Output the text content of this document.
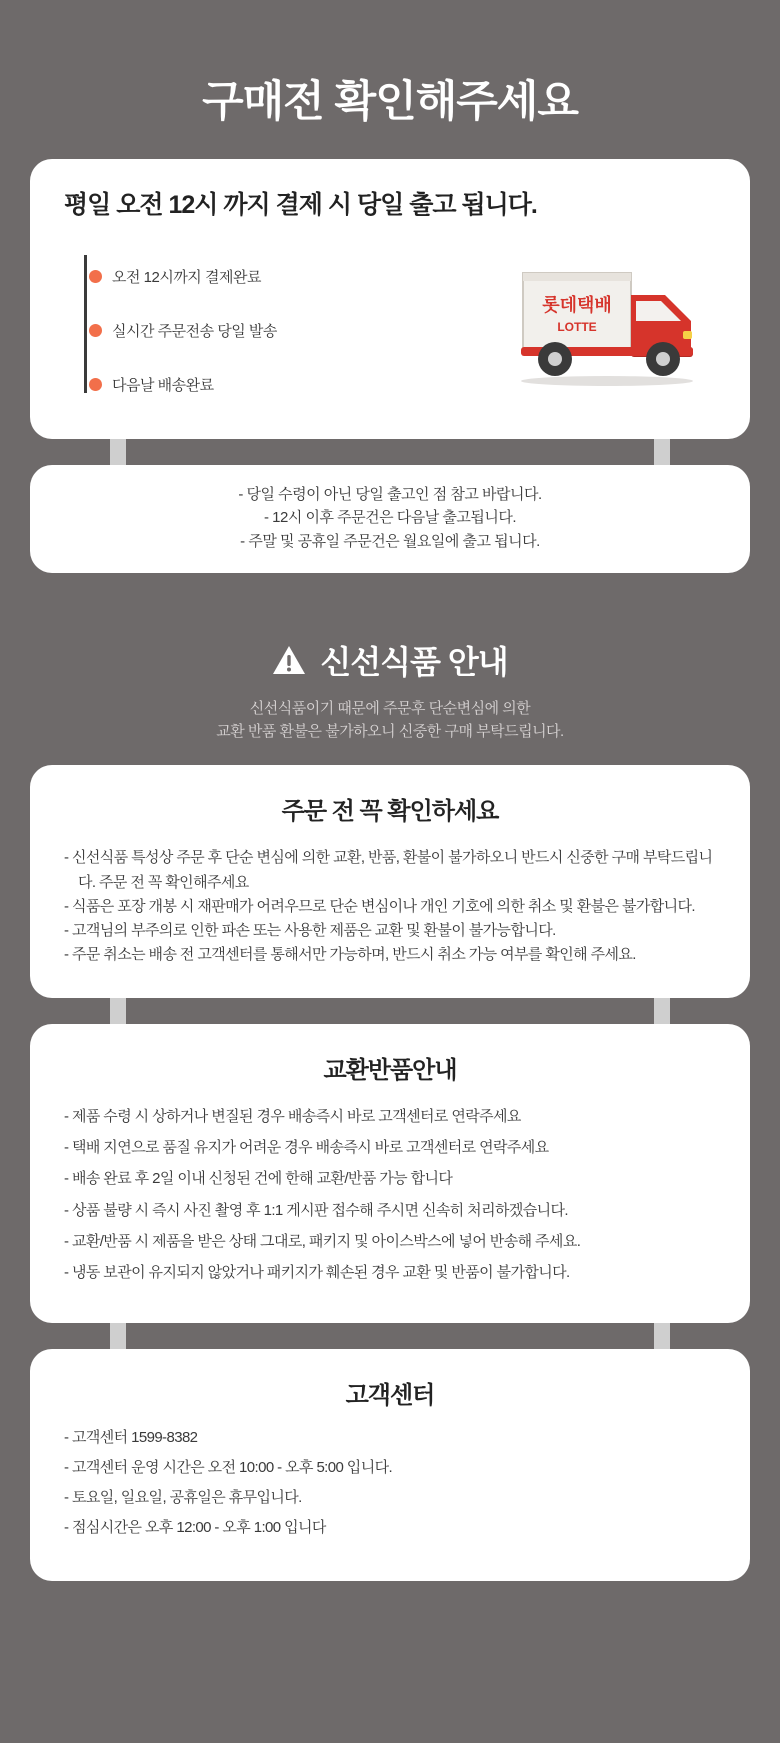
구매전 확인해주세요
평일 오전 12시 까지 결제 시 당일 출고 됩니다.
오전 12시까지 결제완료
실시간 주문전송 당일 발송
다음날 배송완료
롯데택배
LOTTE
- 당일 수령이 아닌 당일 출고인 점 참고 바랍니다.
- 12시 이후 주문건은 다음날 출고됩니다.
- 주말 및 공휴일 주문건은 월요일에 출고 됩니다.
신선식품 안내
신선식품이기 때문에 주문후 단순변심에 의한
교환 반품 환불은 불가하오니 신중한 구매 부탁드립니다.
주문 전 꼭 확인하세요
- 신선식품 특성상 주문 후 단순 변심에 의한 교환, 반품, 환불이 불가하오니 반드시 신중한 구매 부탁드립니다. 주문 전 꼭 확인해주세요
- 식품은 포장 개봉 시 재판매가 어려우므로 단순 변심이나 개인 기호에 의한 취소 및 환불은 불가합니다.
- 고객님의 부주의로 인한 파손 또는 사용한 제품은 교환 및 환불이 불가능합니다.
- 주문 취소는 배송 전 고객센터를 통해서만 가능하며, 반드시 취소 가능 여부를 확인해 주세요.
교환반품안내
- 제품 수령 시 상하거나 변질된 경우 배송즉시 바로 고객센터로 연락주세요
- 택배 지연으로 품질 유지가 어려운 경우 배송즉시 바로 고객센터로 연락주세요
- 배송 완료 후 2일 이내 신청된 건에 한해 교환/반품 가능 합니다
- 상품 불량 시 즉시 사진 촬영 후 1:1 게시판 접수해 주시면 신속히 처리하겠습니다.
- 교환/반품 시 제품을 받은 상태 그대로, 패키지 및 아이스박스에 넣어 반송해 주세요.
- 냉동 보관이 유지되지 않았거나 패키지가 훼손된 경우 교환 및 반품이 불가합니다.
고객센터
- 고객센터 1599-8382
- 고객센터 운영 시간은 오전 10:00 - 오후 5:00 입니다.
- 토요일, 일요일, 공휴일은 휴무입니다.
- 점심시간은 오후 12:00 - 오후 1:00 입니다
